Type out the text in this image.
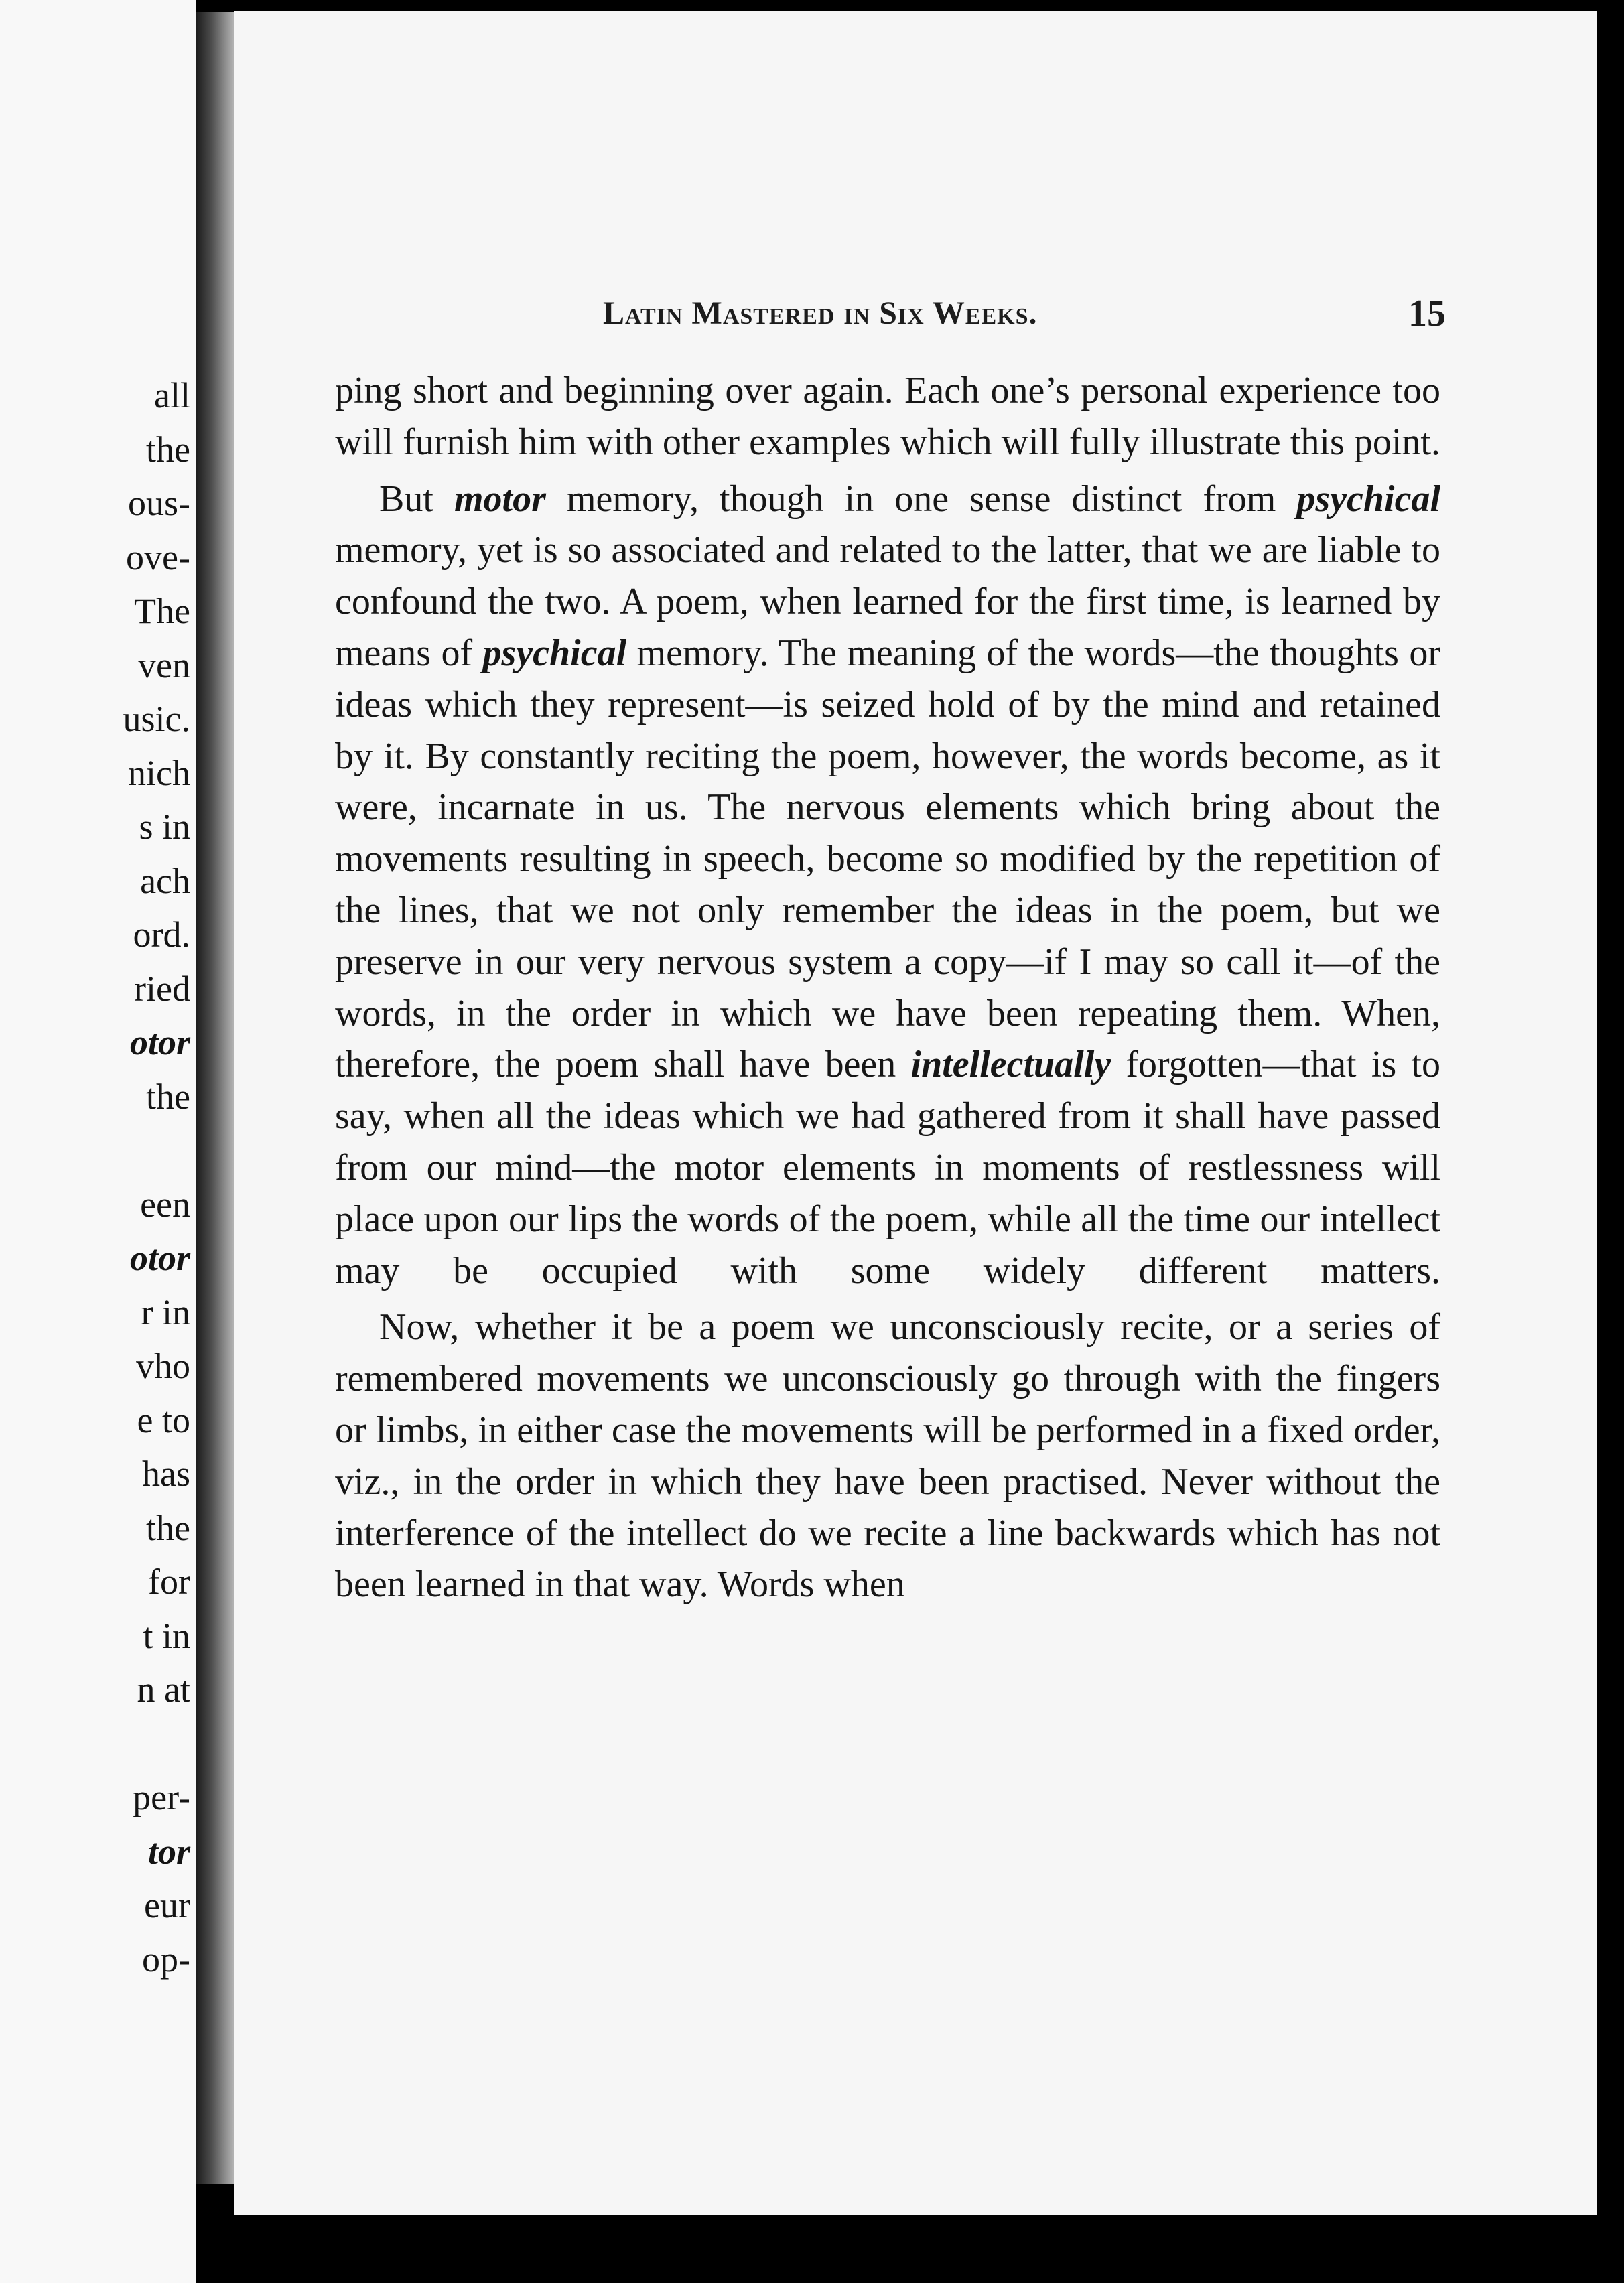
all
the
ous-
ove-
The
ven
usic.
nich
s in
ach
ord.
ried
otor
the
een
otor
r in
vho
e to
has
the
for
t in
n at
per-
tor
eur
op-
Latin Mastered in Six Weeks.	15

ping short and beginning over again. Each one’s personal experience too will furnish him with other examples which will fully illustrate this point.

But motor memory, though in one sense distinct from psychical memory, yet is so associated and related to the latter, that we are liable to confound the two. A poem, when learned for the first time, is learned by means of psychical memory. The meaning of the words—the thoughts or ideas which they represent—is seized hold of by the mind and retained by it. By constantly reciting the poem, however, the words become, as it were, incarnate in us. The nervous elements which bring about the movements resulting in speech, become so modified by the repetition of the lines, that we not only remember the ideas in the poem, but we preserve in our very nervous system a copy—if I may so call it—of the words, in the order in which we have been repeating them. When, therefore, the poem shall have been intellectually forgotten—that is to say, when all the ideas which we had gathered from it shall have passed from our mind—the motor elements in moments of restlessness will place upon our lips the words of the poem, while all the time our intellect may be occupied with some widely different matters.

Now, whether it be a poem we unconsciously recite, or a series of remembered movements we unconsciously go through with the fingers or limbs, in either case the movements will be performed in a fixed order, viz., in the order in which they have been practised. Never without the interference of the intellect do we recite a line backwards which has not been learned in that way. Words when
